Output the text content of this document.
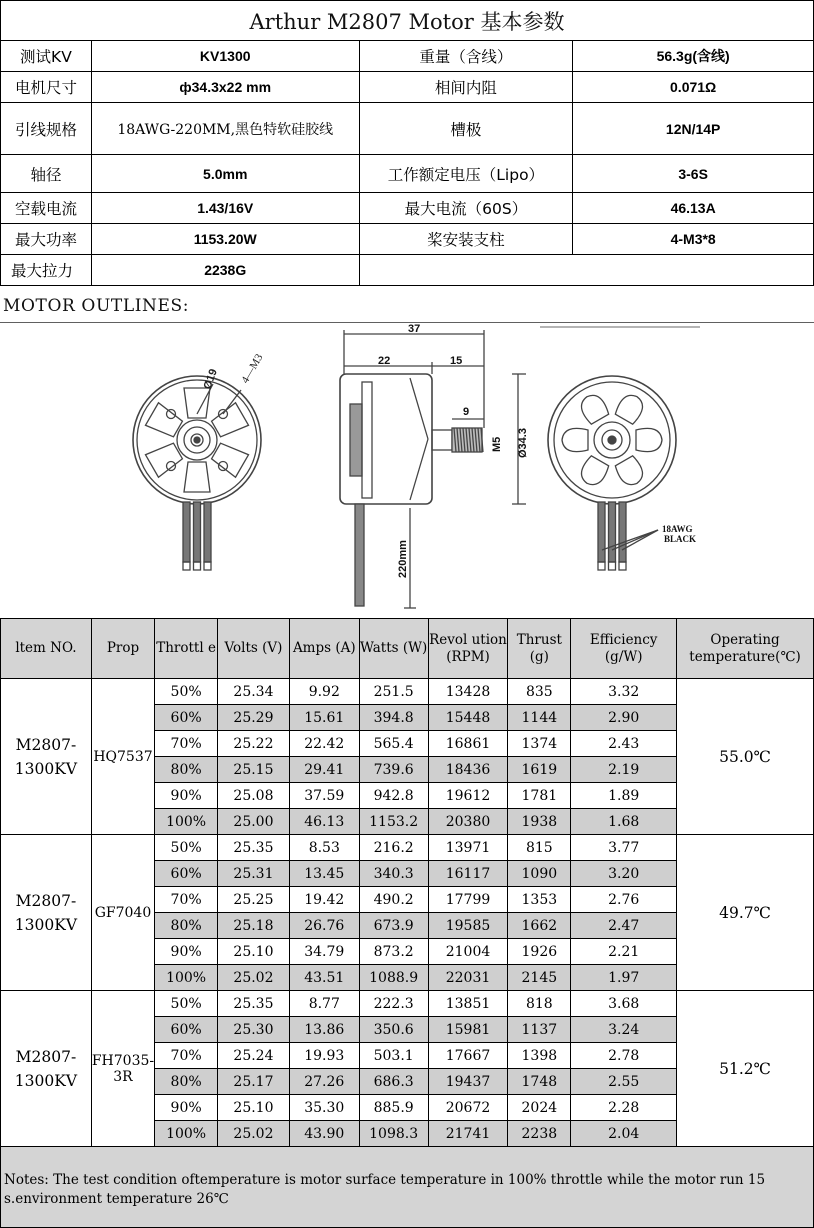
Arthur M2807 Motor 基本参数
测试KV	KV1300	重量（含线）	56.3g(含线)
电机尺寸	ф34.3x22 mm	相间内阻	0.071Ω
引线规格	18AWG-220MM,黑色特软硅胶线	槽极	12N/14P
轴径	5.0mm	工作额定电压（Lipo）	3-6S
空载电流	1.43/16V	最大电流（60S）	46.13A
最大功率	1153.20W	桨安装支柱	4-M3*8
最大拉力	2238G		
MOTOR OUTLINES:
Ø19 4—M3
37
22	15
9
M5 Ø34.3
220mm
18AWG
BLACK
ltem NO.	Prop	Throttl e	Volts (V)	Amps (A)	Watts (W)	Revol ution (RPM)	Thrust (g)	Efficiency (g/W)	Operating temperature(℃)
M2807- 1300KV	HQ7537	50%	25.34	9.92	251.5	13428	835	3.32	55.0℃
		60%	25.29	15.61	394.8	15448	1144	2.90	
		70%	25.22	22.42	565.4	16861	1374	2.43	
		80%	25.15	29.41	739.6	18436	1619	2.19	
		90%	25.08	37.59	942.8	19612	1781	1.89	
		100%	25.00	46.13	1153.2	20380	1938	1.68	
M2807- 1300KV	GF7040	50%	25.35	8.53	216.2	13971	815	3.77	49.7℃
		60%	25.31	13.45	340.3	16117	1090	3.20	
		70%	25.25	19.42	490.2	17799	1353	2.76	
		80%	25.18	26.76	673.9	19585	1662	2.47	
		90%	25.10	34.79	873.2	21004	1926	2.21	
		100%	25.02	43.51	1088.9	22031	2145	1.97	
M2807- 1300KV	FH7035- 3R	50%	25.35	8.77	222.3	13851	818	3.68	51.2℃
		60%	25.30	13.86	350.6	15981	1137	3.24	
		70%	25.24	19.93	503.1	17667	1398	2.78	
		80%	25.17	27.26	686.3	19437	1748	2.55	
		90%	25.10	35.30	885.9	20672	2024	2.28	
		100%	25.02	43.90	1098.3	21741	2238	2.04	
Notes: The test condition oftemperature is motor surface temperature in 100% throttle while the motor run 15 s.environment temperature 26℃
